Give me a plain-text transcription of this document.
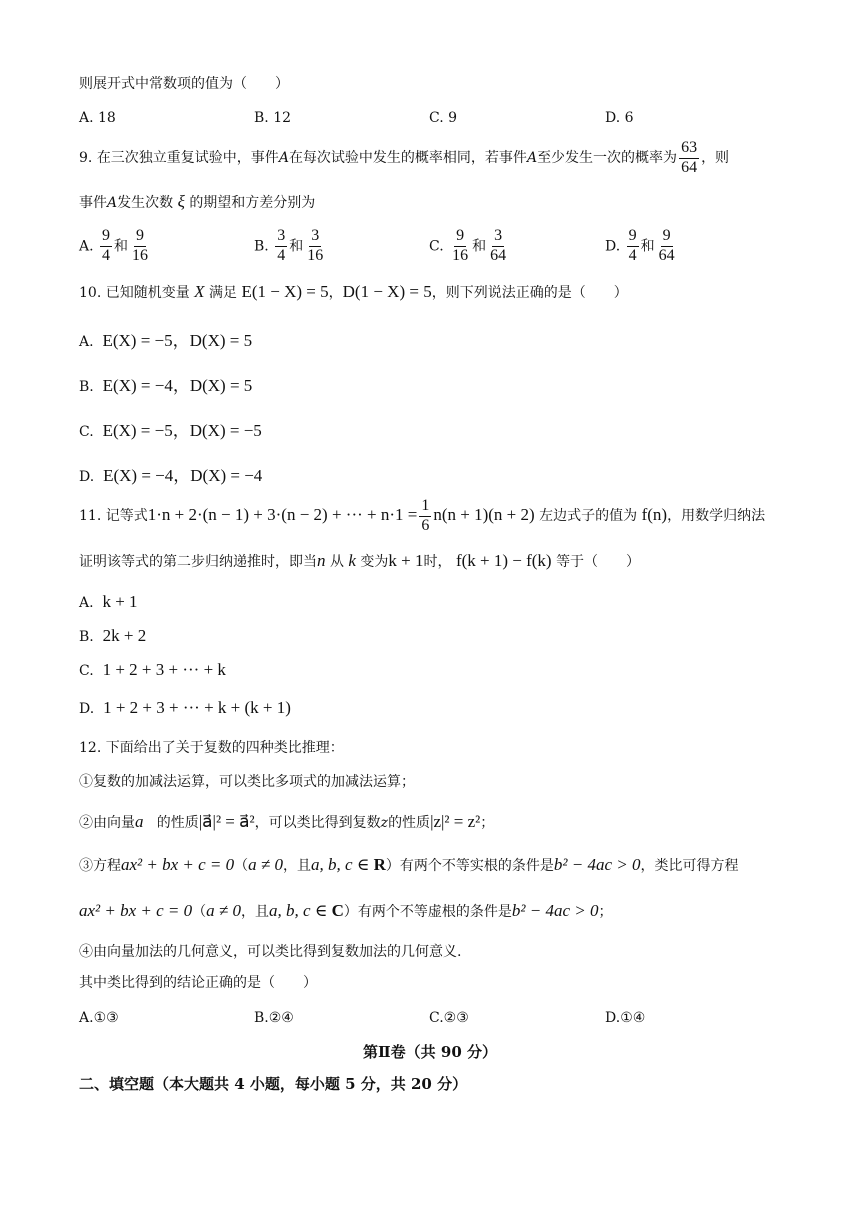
则展开式中常数项的值为（　　）
A. 18	B. 12	C. 9	D. 6
9. 在三次独立重复试验中，事件A在每次试验中发生的概率相同，若事件A至少发生一次的概率为 $\frac{63}{64}$ ，则
事件A发生次数 ξ 的期望和方差分别为
A. $\frac{9}{4}$ 和 $\frac{9}{16}$	B. $\frac{3}{4}$ 和 $\frac{3}{16}$	C. $\frac{9}{16}$ 和 $\frac{3}{64}$	D. $\frac{9}{4}$ 和 $\frac{9}{64}$
10. 已知随机变量 X 满足 E(1 − X) = 5，D(1 − X) = 5，则下列说法正确的是（　　）
A. E(X) = −5，D(X) = 5
B. E(X) = −4，D(X) = 5
C. E(X) = −5，D(X) = −5
D. E(X) = −4，D(X) = −4
11. 记等式1·n + 2·(n − 1) + 3·(n − 2) + ··· + $n\cdot 1 = \frac{1}{6} n(n + 1)(n + 2)$ 左边式子的值为 f(n)，用数学归纳法
证明该等式的第二步归纳递推时，即当n 从 k 变为k + 1时， f(k + 1) − f(k) 等于（　　）
A. k + 1
B. 2k + 2
C. 1 + 2 + 3 + ··· + k
D. 1 + 2 + 3 + ··· + k + (k + 1)
12. 下面给出了关于复数的四种类比推理：
①复数的加减法运算，可以类比多项式的加减法运算；
②由向量a⃗的性质|a⃗|² = a⃗²，可以类比得到复数z的性质|z|² = z²；
③方程ax² + bx + c = 0（a ≠ 0，且a, b, c ∈ R）有两个不等实根的条件是b² − 4ac > 0，类比可得方程
ax² + bx + c = 0（a ≠ 0，且a, b, c ∈ C）有两个不等虚根的条件是b² − 4ac > 0；
④由向量加法的几何意义，可以类比得到复数加法的几何意义.
其中类比得到的结论正确的是（　　）
A.①③	B.②④	C.②③	D.①④
第Ⅱ卷（共 90 分）
二、填空题（本大题共 4 小题，每小题 5 分，共 20 分）
